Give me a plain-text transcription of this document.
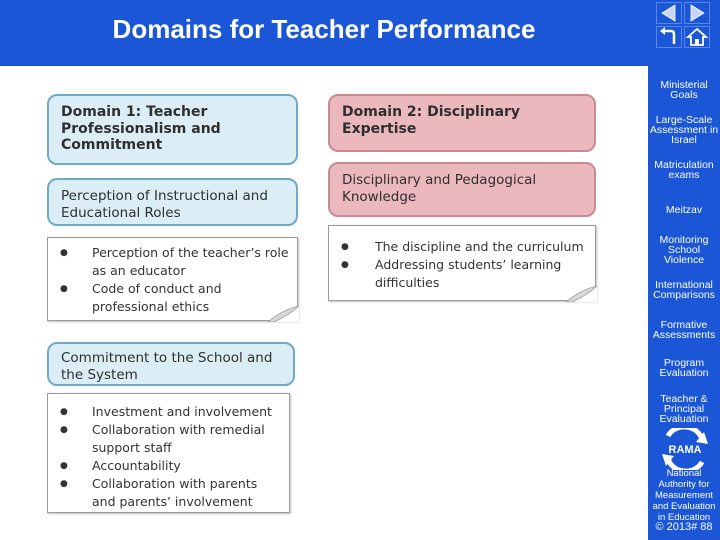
Domains for Teacher Performance
Ministerial Goals
Large-Scale Assessment in Israel
Matriculation exams
Meitzav
Monitoring School Violence
International Comparisons
Formative Assessments
Program Evaluation
Teacher & Principal Evaluation
RAMA
National Authority for Measurement and Evaluation in Education
© 2013# 88
Domain 1: Teacher Professionalism and Commitment
Perception of Instructional and Educational Roles
● Perception of the teacher’s role as an educator
● Code of conduct and professional ethics
Commitment to the School and the System
● Investment and involvement
● Collaboration with remedial support staff
● Accountability
● Collaboration with parents and parents’ involvement
Domain 2: Disciplinary Expertise
Disciplinary and Pedagogical Knowledge
● The discipline and the curriculum
● Addressing students’ learning difficulties
